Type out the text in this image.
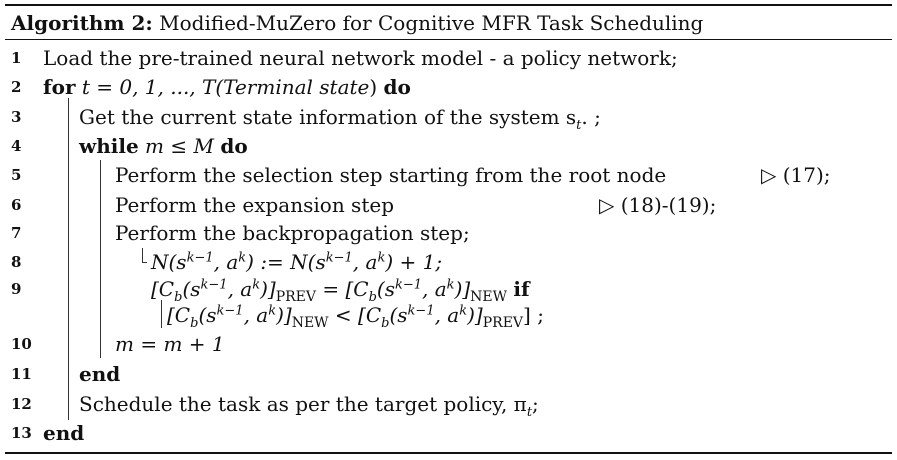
Algorithm 2: Modified-MuZero for Cognitive MFR Task Scheduling
1	Load the pre-trained neural network model - a policy network;
2	for t = 0, 1, ..., T(Terminal state) do
3	Get the current state information of the system $s_t$. ;
4	while m ≤ M do
5	Perform the selection step starting from the root node	▷ (17);
6	Perform the expansion step	▷ (18)-(19);
7	Perform the backpropagation step;
8	$N(s^{k-1}$, $a^k$) := $N(s^{k-1}$, $a^k) + 1$;
9	[$C_b(s^{k-1}$, $a^k)]_{PREV} = [C_b(s^{k-1}$, $a^k)]_{NEW}$ if
[$C_b(s^{k-1}$, $a^k)]_{NEW} < [C_b(s^{k-1}$, $a^k)]_{PREV}$] ;
10	m = m + 1
11	end
12	Schedule the task as per the target policy, $\pi_t$;
13 end
